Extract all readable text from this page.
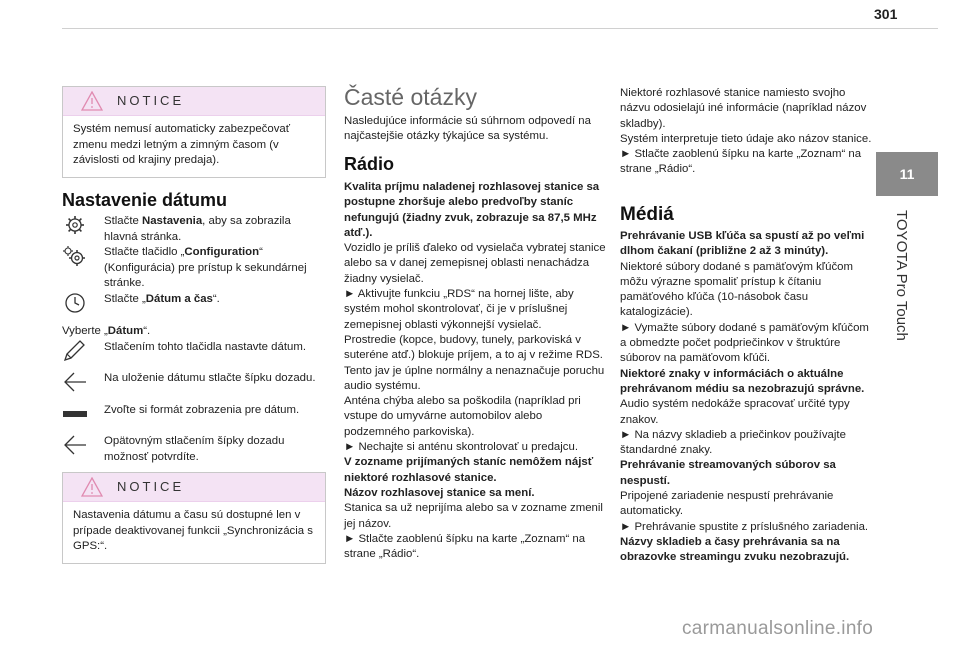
301
11
TOYOTA Pro Touch
NOTICE
Systém nemusí automaticky zabezpečovať zmenu medzi letným a zimným časom (v závislosti od krajiny predaja).
Nastavenie dátumu
Stlačte Nastavenia, aby sa zobrazila hlavná stránka.
Stlačte tlačidlo „Configuration“ (Konfigurácia) pre prístup k sekundárnej stránke.
Stlačte „Dátum a čas“.
Vyberte „Dátum“.
Stlačením tohto tlačidla nastavte dátum.
Na uloženie dátumu stlačte šípku dozadu.
Zvoľte si formát zobrazenia pre dátum.
Opätovným stlačením šípky dozadu možnosť potvrdíte.
NOTICE
Nastavenia dátumu a času sú dostupné len v prípade deaktivovanej funkcii „Synchronizácia s GPS:“.
Časté otázky
Nasledujúce informácie sú súhrnom odpovedí na najčastejšie otázky týkajúce sa systému.
Rádio

Kvalita príjmu naladenej rozhlasovej stanice sa postupne zhoršuje alebo predvoľby staníc nefungujú (žiadny zvuk, zobrazuje sa 87,5 MHz atď.).

Vozidlo je príliš ďaleko od vysielača vybratej stanice alebo sa v danej zemepisnej oblasti nenachádza žiadny vysielač.

► Aktivujte funkciu „RDS“ na hornej lište, aby systém mohol skontrolovať, či je v príslušnej zemepisnej oblasti výkonnejší vysielač.

Prostredie (kopce, budovy, tunely, parkoviská v suteréne atď.) blokuje príjem, a to aj v režime RDS.

Tento jav je úplne normálny a nenaznačuje poruchu audio systému.

Anténa chýba alebo sa poškodila (napríklad pri vstupe do umyvárne automobilov alebo podzemného parkoviska).

► Nechajte si anténu skontrolovať u predajcu.

V zozname prijímaných staníc nemôžem nájsť niektoré rozhlasové stanice.

Názov rozhlasovej stanice sa mení.

Stanica sa už neprijíma alebo sa v zozname zmenil jej názov.

► Stlačte zaoblenú šípku na karte „Zoznam“ na strane „Rádio“.

Niektoré rozhlasové stanice namiesto svojho názvu odosielajú iné informácie (napríklad názov skladby).

Systém interpretuje tieto údaje ako názov stanice.

► Stlačte zaoblenú šípku na karte „Zoznam“ na strane „Rádio“.

Médiá

Prehrávanie USB kľúča sa spustí až po veľmi dlhom čakaní (približne 2 až 3 minúty).

Niektoré súbory dodané s pamäťovým kľúčom môžu výrazne spomaliť prístup k čítaniu pamäťového kľúča (10-násobok času katalogizácie).

► Vymažte súbory dodané s pamäťovým kľúčom a obmedzte počet podpriečinkov v štruktúre súborov na pamäťovom kľúči.

Niektoré znaky v informáciách o aktuálne prehrávanom médiu sa nezobrazujú správne.

Audio systém nedokáže spracovať určité typy znakov.

► Na názvy skladieb a priečinkov používajte štandardné znaky.

Prehrávanie streamovaných súborov sa nespustí.

Pripojené zariadenie nespustí prehrávanie automaticky.

► Prehrávanie spustite z príslušného zariadenia.

Názvy skladieb a časy prehrávania sa na obrazovke streamingu zvuku nezobrazujú.

carmanualsonline.info
